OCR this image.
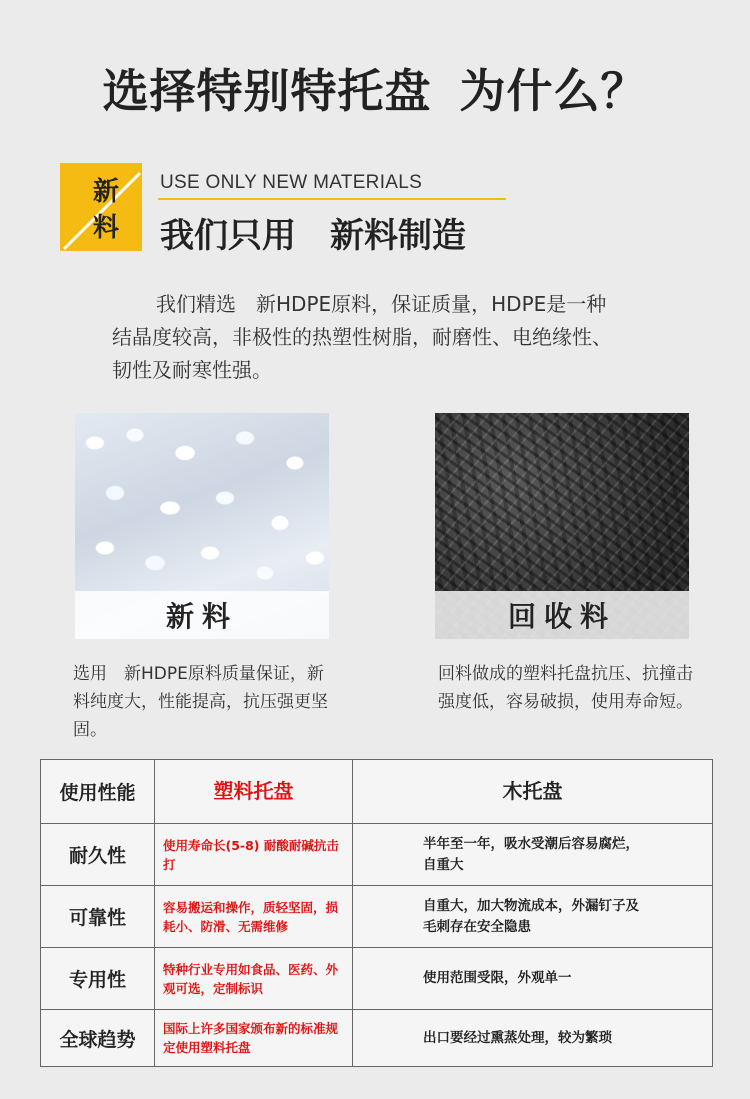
选择特别特托盘 为什么？
新
料
USE ONLY NEW MATERIALS
我们只用 新料制造
我们精选　新HDPE原料，保证质量，HDPE是一种
结晶度较高，非极性的热塑性树脂，耐磨性、电绝缘性、
韧性及耐寒性强。
新料	回收料
选用　新HDPE原料质量保证，新
料纯度大，性能提高，抗压强更坚
固。
回料做成的塑料托盘抗压、抗撞击
强度低，容易破损，使用寿命短。
使用性能	塑料托盘	木托盘
耐久性	使用寿命长(5-8) 耐酸耐碱抗击打	半年至一年，吸水受潮后容易腐烂，自重大
可靠性	容易搬运和操作，质轻坚固，损耗小、防滑、无需维修	自重大，加大物流成本，外漏钉子及毛刺存在安全隐患
专用性	特种行业专用如食品、医药、外观可选，定制标识	使用范围受限，外观单一
全球趋势	国际上许多国家颁布新的标准规定使用塑料托盘	出口要经过熏蒸处理，较为繁琐
